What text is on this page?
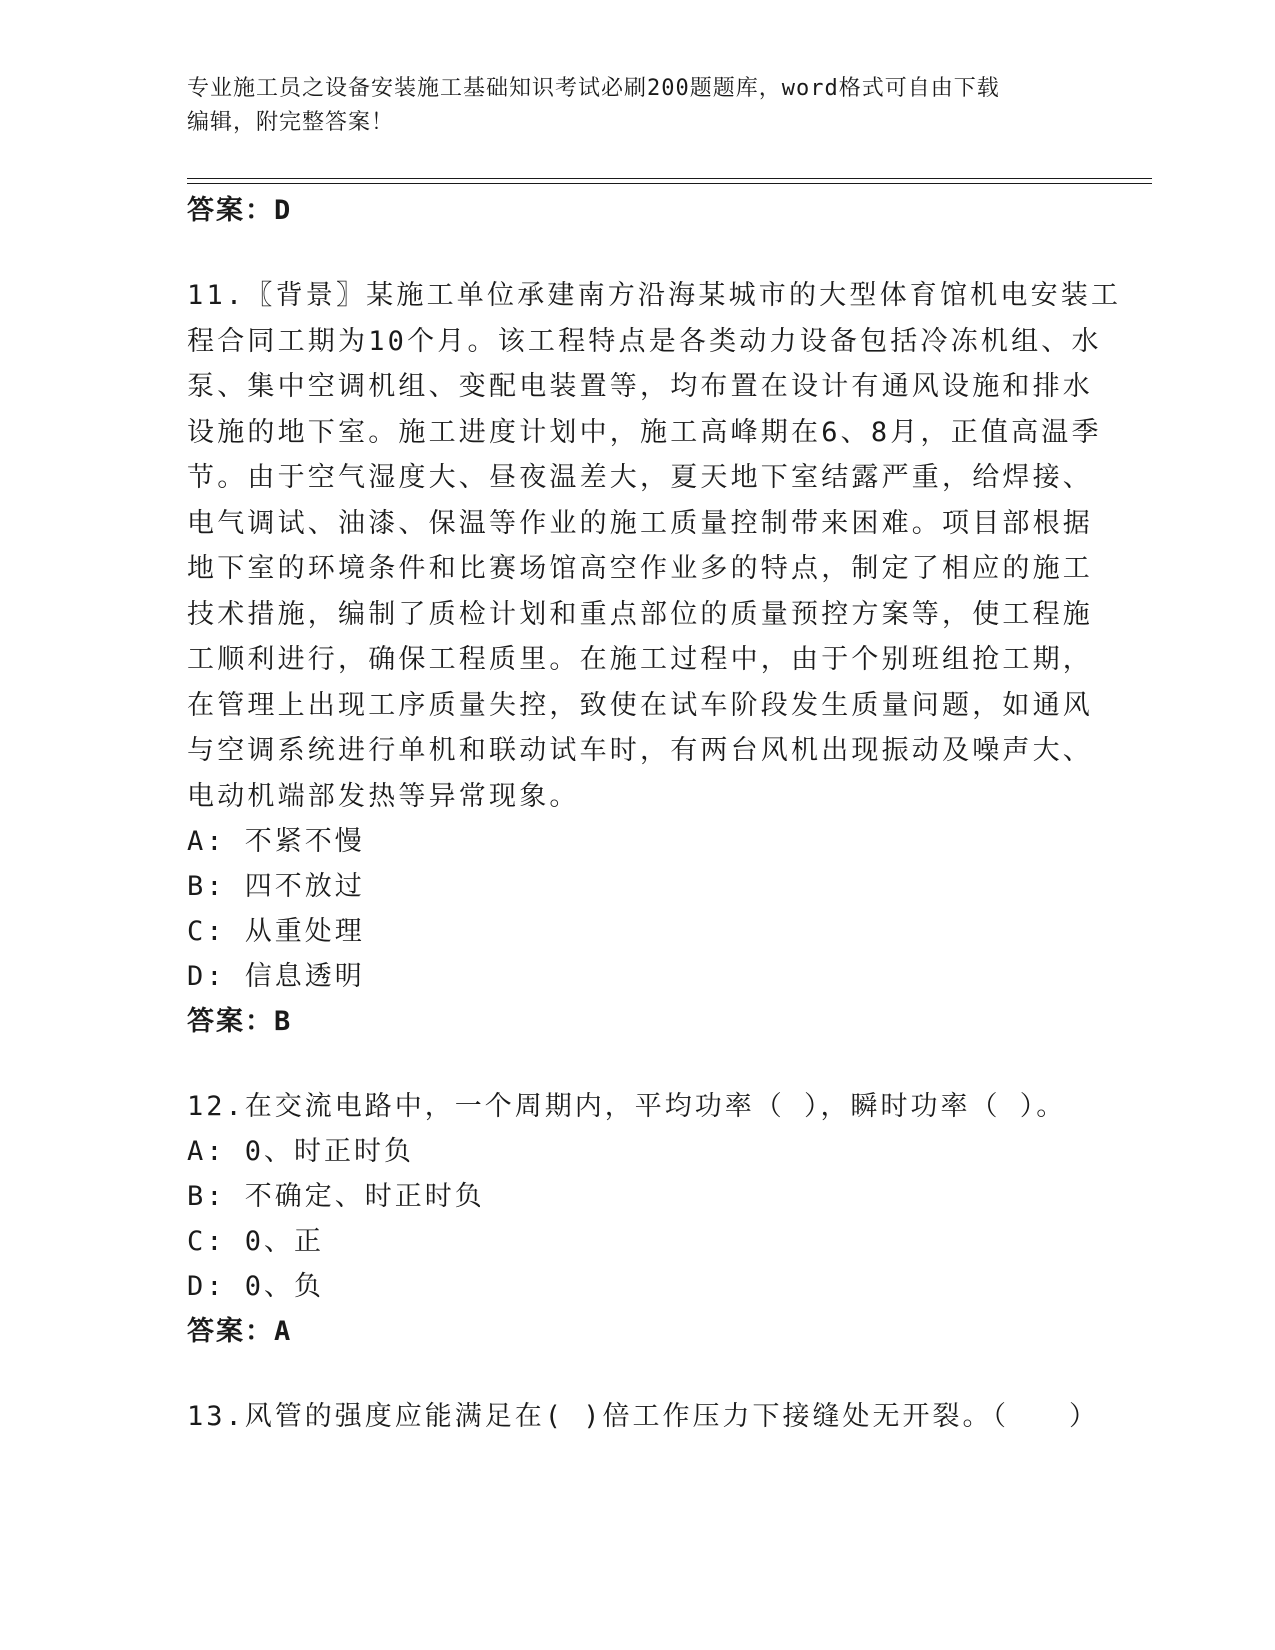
专业施工员之设备安装施工基础知识考试必刷200题题库，word格式可自由下载
编辑，附完整答案！
答案：D
11.〖背景〗某施工单位承建南方沿海某城市的大型体育馆机电安装工
程合同工期为10个月。该工程特点是各类动力设备包括冷冻机组、水
泵、集中空调机组、变配电装置等，均布置在设计有通风设施和排水
设施的地下室。施工进度计划中，施工高峰期在6、8月，正值高温季
节。由于空气湿度大、昼夜温差大，夏天地下室结露严重，给焊接、
电气调试、油漆、保温等作业的施工质量控制带来困难。项目部根据
地下室的环境条件和比赛场馆高空作业多的特点，制定了相应的施工
技术措施，编制了质检计划和重点部位的质量预控方案等，使工程施
工顺利进行，确保工程质里。在施工过程中，由于个别班组抢工期，
在管理上出现工序质量失控，致使在试车阶段发生质量问题，如通风
与空调系统进行单机和联动试车时，有两台风机出现振动及噪声大、
电动机端部发热等异常现象。
A: 不紧不慢
B: 四不放过
C: 从重处理
D: 信息透明
答案：B
12.在交流电路中，一个周期内，平均功率（ ），瞬时功率（ ）。
A: 0、时正时负
B: 不确定、时正时负
C: 0、正
D: 0、负
答案：A
13.风管的强度应能满足在( )倍工作压力下接缝处无开裂。（　　）
